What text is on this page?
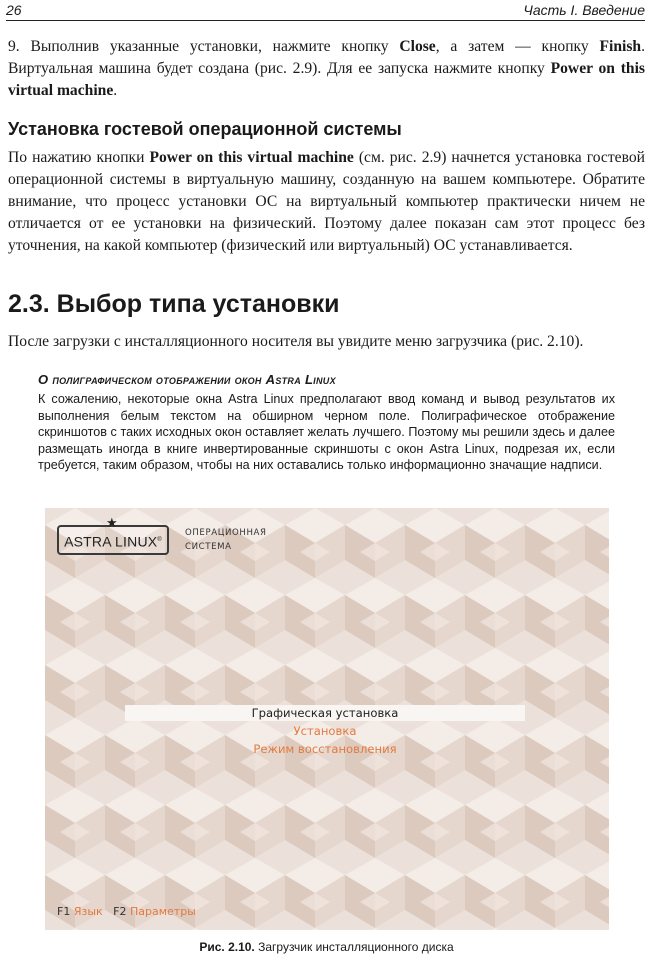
26	Часть I. Введение

9. Выполнив указанные установки, нажмите кнопку Close, а затем — кнопку Finish. Виртуальная машина будет создана (рис. 2.9). Для ее запуска нажмите кнопку Power on this virtual machine.

Установка гостевой операционной системы

По нажатию кнопки Power on this virtual machine (см. рис. 2.9) начнется установка гостевой операционной системы в виртуальную машину, созданную на вашем компьютере. Обратите внимание, что процесс установки ОС на виртуальный компьютер практически ничем не отличается от ее установки на физический. Поэтому далее показан сам этот процесс без уточнения, на какой компьютер (физический или виртуальный) ОС устанавливается.

2.3. Выбор типа установки

После загрузки с инсталляционного носителя вы увидите меню загрузчика (рис. 2.10).

О полиграфическом отображении окон Astra Linux

К сожалению, некоторые окна Astra Linux предполагают ввод команд и вывод результатов их выполнения белым текстом на обширном черном поле. Полиграфическое отображение скриншотов с таких исходных окон оставляет желать лучшего. Поэтому мы решили здесь и далее размещать иногда в книге инвертированные скриншоты с окон Astra Linux, подрезая их, если требуется, таким образом, чтобы на них оставались только информационно значащие надписи.

ASTRA LINUX®
★
ОПЕРАЦИОННАЯ
СИСТЕМА
Графическая установка
Установка
Режим восстановления
F1 Язык F2 Параметры
Рис. 2.10. Загрузчик инсталляционного диска
